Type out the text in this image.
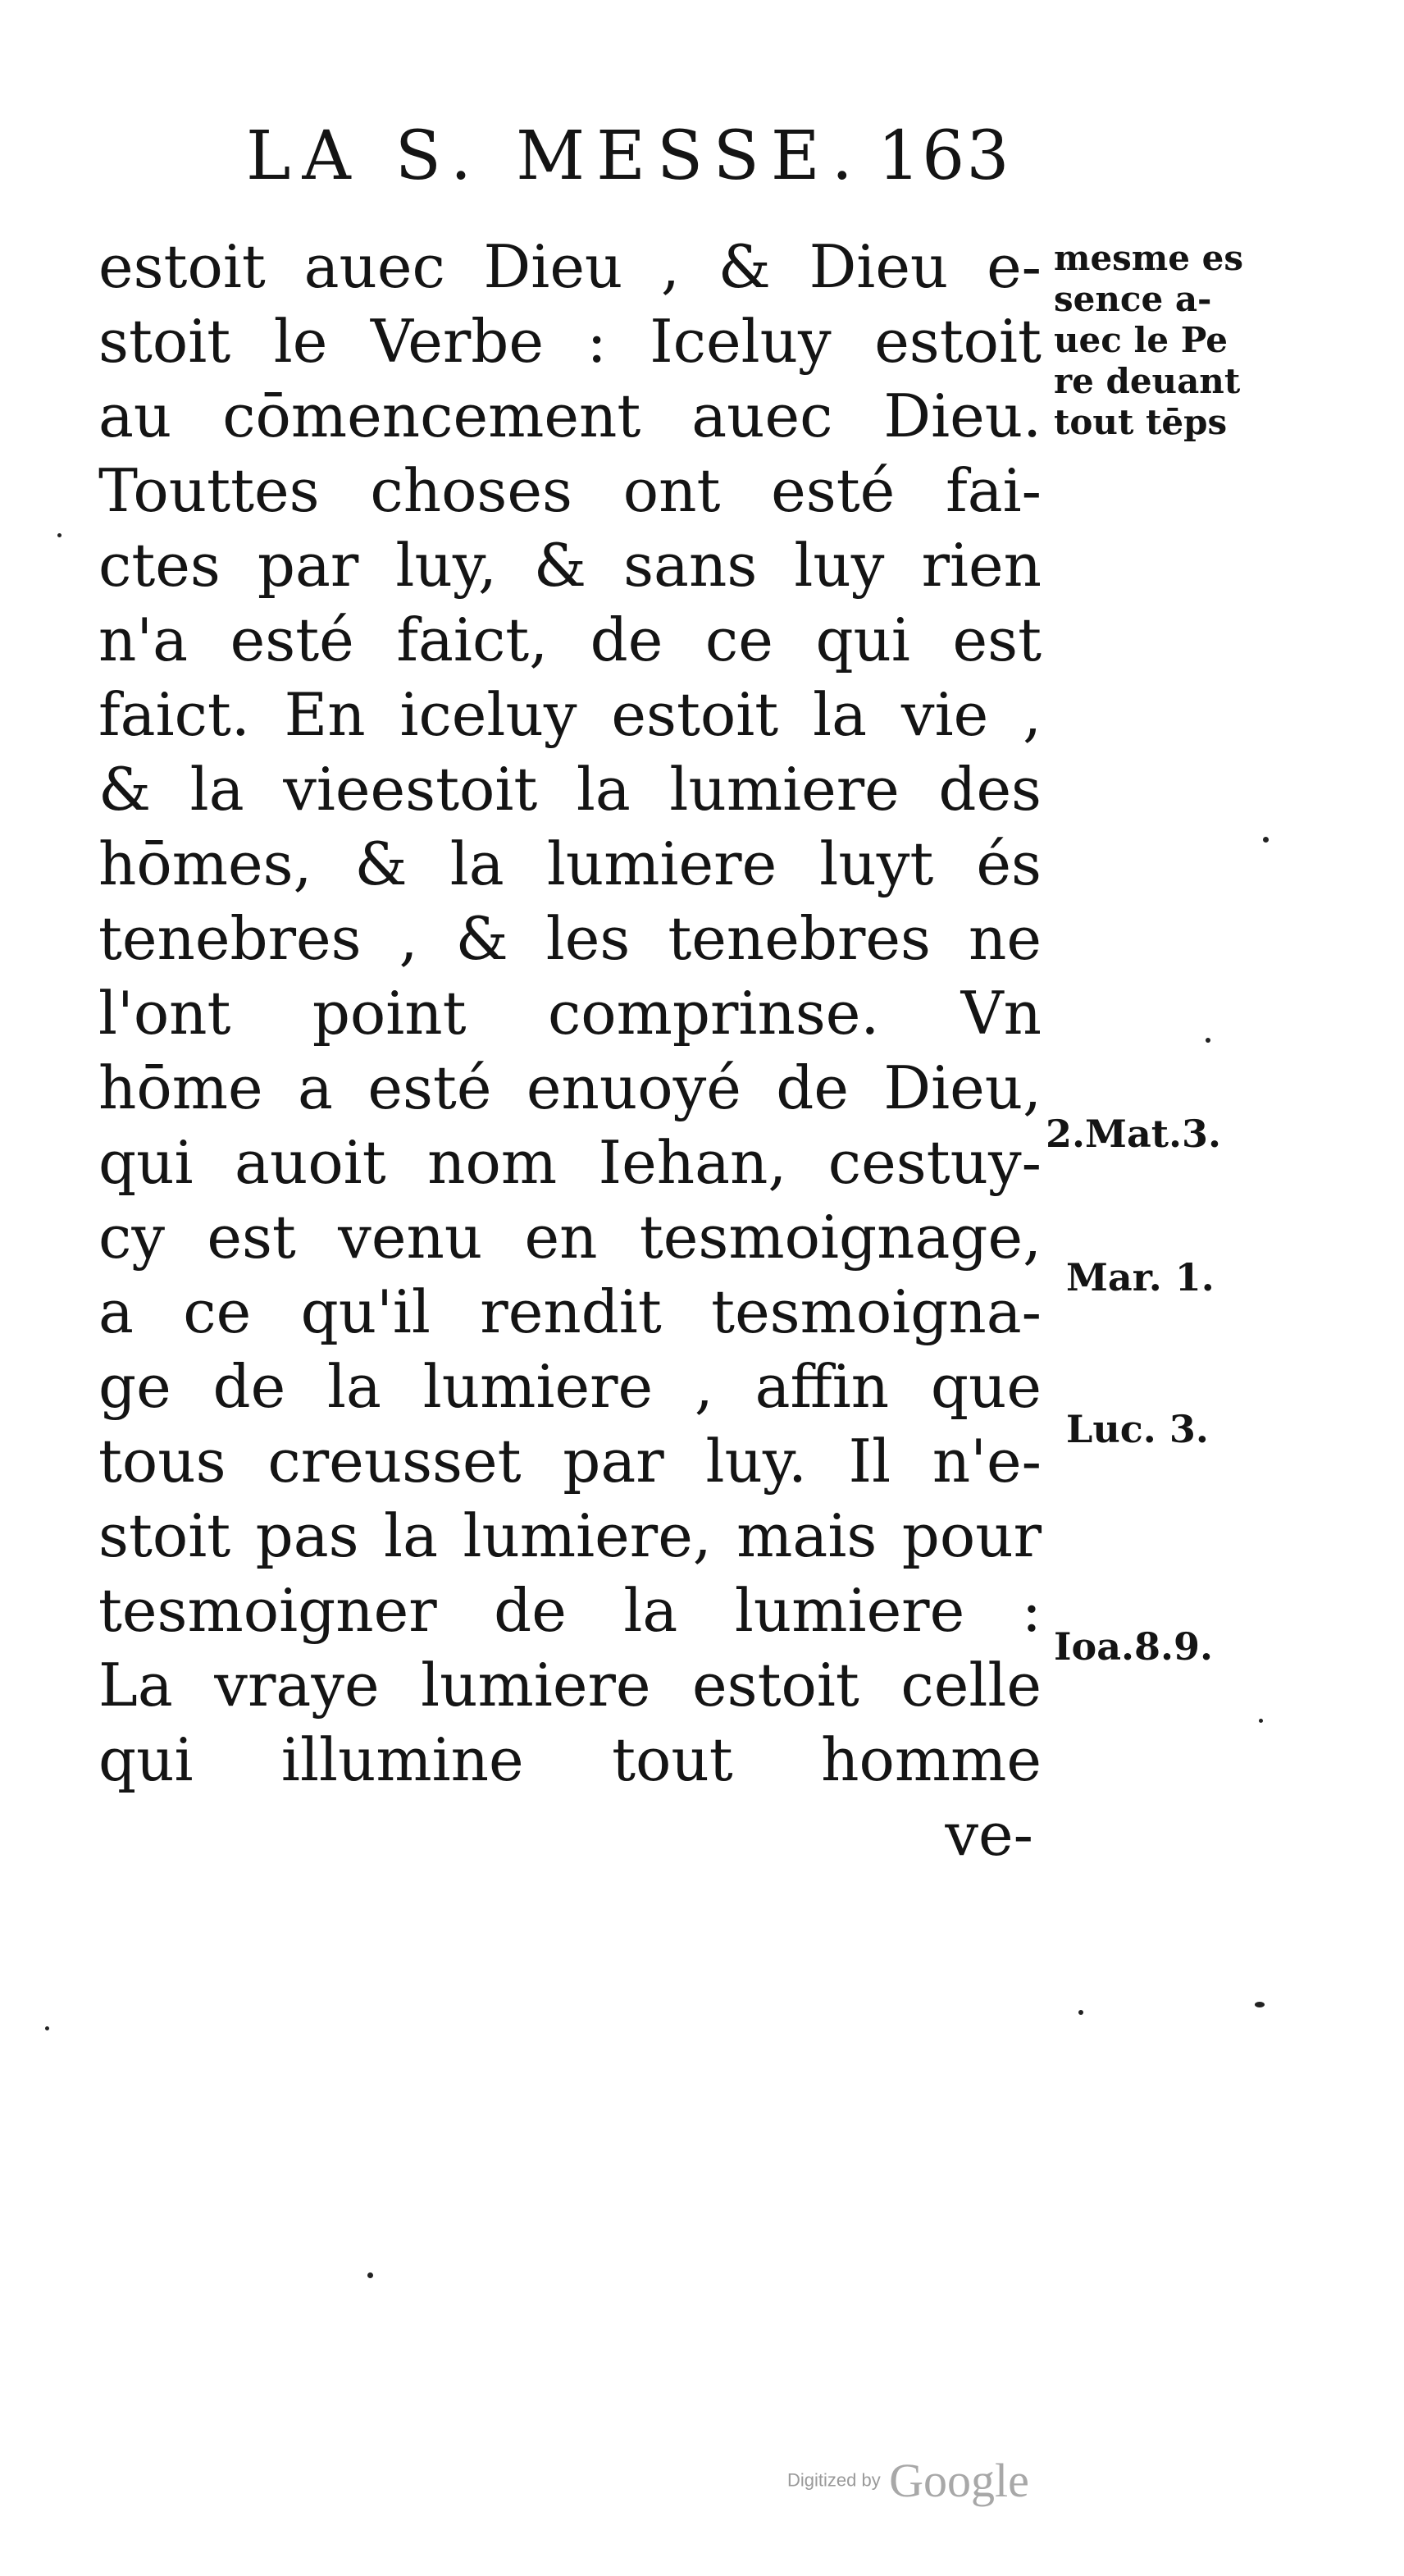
LA S. MESSE. 163
estoit auec Dieu , & Dieu e-
stoit le Verbe : Iceluy estoit
au cōmencement auec Dieu.
Touttes choses ont esté fai-
ctes par luy, & sans luy rien
n'a esté faict, de ce qui est
faict. En iceluy estoit la vie ,
& la vieestoit la lumiere des
hōmes, & la lumiere luyt és
tenebres , & les tenebres ne
l'ont point comprinse. Vn
hōme a esté enuoyé de Dieu,
qui auoit nom Iehan, cestuy-
cy est venu en tesmoignage,
a ce qu'il rendit tesmoigna-
ge de la lumiere , affin que
tous creusset par luy. Il n'e-
stoit pas la lumiere, mais pour
tesmoigner de la lumiere :
La vraye lumiere estoit celle
qui illumine tout homme
ve-
mesme es
sence a-
uec le Pe
re deuant
tout tēps
2.Mat.3.
Mar. 1.
Luc. 3.
Ioa.8.9.
Digitized by Google
